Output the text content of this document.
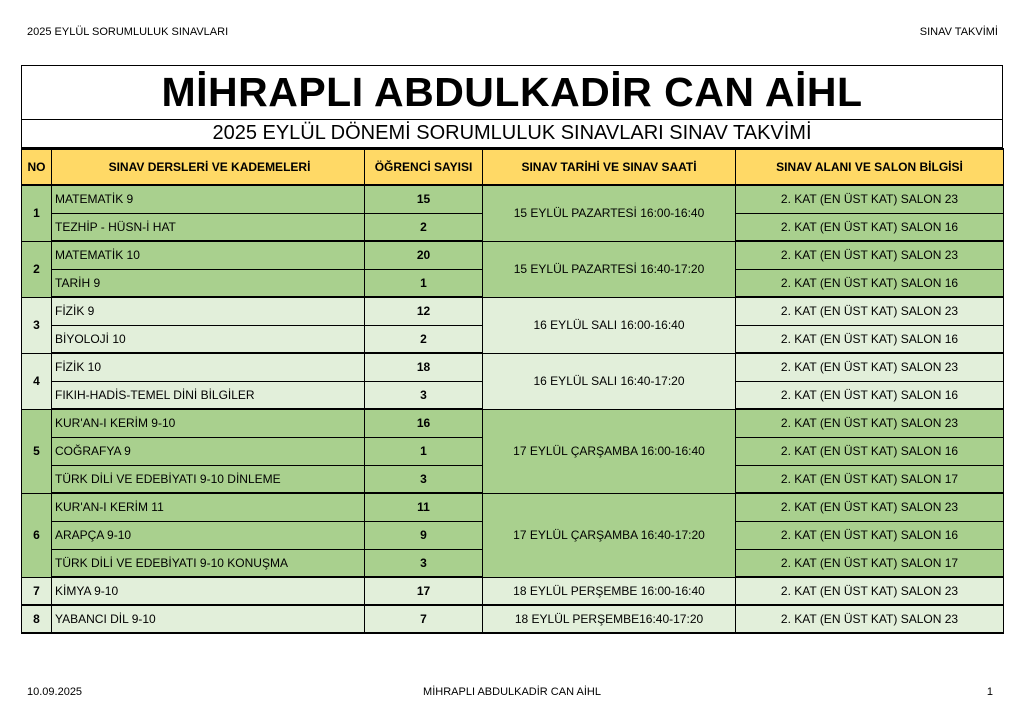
2025 EYLÜL SORUMLULUK SINAVLARI	SINAV TAKVİMİ
MİHRAPLI ABDULKADİR CAN AİHL
2025 EYLÜL DÖNEMİ SORUMLULUK SINAVLARI SINAV TAKVİMİ
NO	SINAV DERSLERİ VE KADEMELERİ	ÖĞRENCİ SAYISI	SINAV TARİHİ VE SINAV SAATİ	SINAV ALANI VE SALON BİLGİSİ
1	MATEMATİK 9	15	15 EYLÜL PAZARTESİ 16:00-16:40	2. KAT (EN ÜST KAT) SALON 23
	TEZHİP - HÜSN-İ HAT	2		2. KAT (EN ÜST KAT) SALON 16
2	MATEMATİK 10	20	15 EYLÜL PAZARTESİ 16:40-17:20	2. KAT (EN ÜST KAT) SALON 23
	TARİH 9	1		2. KAT (EN ÜST KAT) SALON 16
3	FİZİK 9	12	16 EYLÜL SALI 16:00-16:40	2. KAT (EN ÜST KAT) SALON 23
	BİYOLOJİ 10	2		2. KAT (EN ÜST KAT) SALON 16
4	FİZİK 10	18	16 EYLÜL SALI 16:40-17:20	2. KAT (EN ÜST KAT) SALON 23
	FIKIH-HADİS-TEMEL DİNİ BİLGİLER	3		2. KAT (EN ÜST KAT) SALON 16
5	KUR'AN-I KERİM 9-10	16	17 EYLÜL ÇARŞAMBA 16:00-16:40	2. KAT (EN ÜST KAT) SALON 23
	COĞRAFYA 9	1		2. KAT (EN ÜST KAT) SALON 16
	TÜRK DİLİ VE EDEBİYATI 9-10 DİNLEME	3		2. KAT (EN ÜST KAT) SALON 17
6	KUR'AN-I KERİM 11	11	17 EYLÜL ÇARŞAMBA 16:40-17:20	2. KAT (EN ÜST KAT) SALON 23
	ARAPÇA 9-10	9		2. KAT (EN ÜST KAT) SALON 16
	TÜRK DİLİ VE EDEBİYATI 9-10 KONUŞMA	3		2. KAT (EN ÜST KAT) SALON 17
7	KİMYA 9-10	17	18 EYLÜL PERŞEMBE 16:00-16:40	2. KAT (EN ÜST KAT) SALON 23
8	YABANCI DİL 9-10	7	18 EYLÜL PERŞEMBE16:40-17:20	2. KAT (EN ÜST KAT) SALON 23
10.09.2025	MİHRAPLI ABDULKADİR CAN AİHL	1
